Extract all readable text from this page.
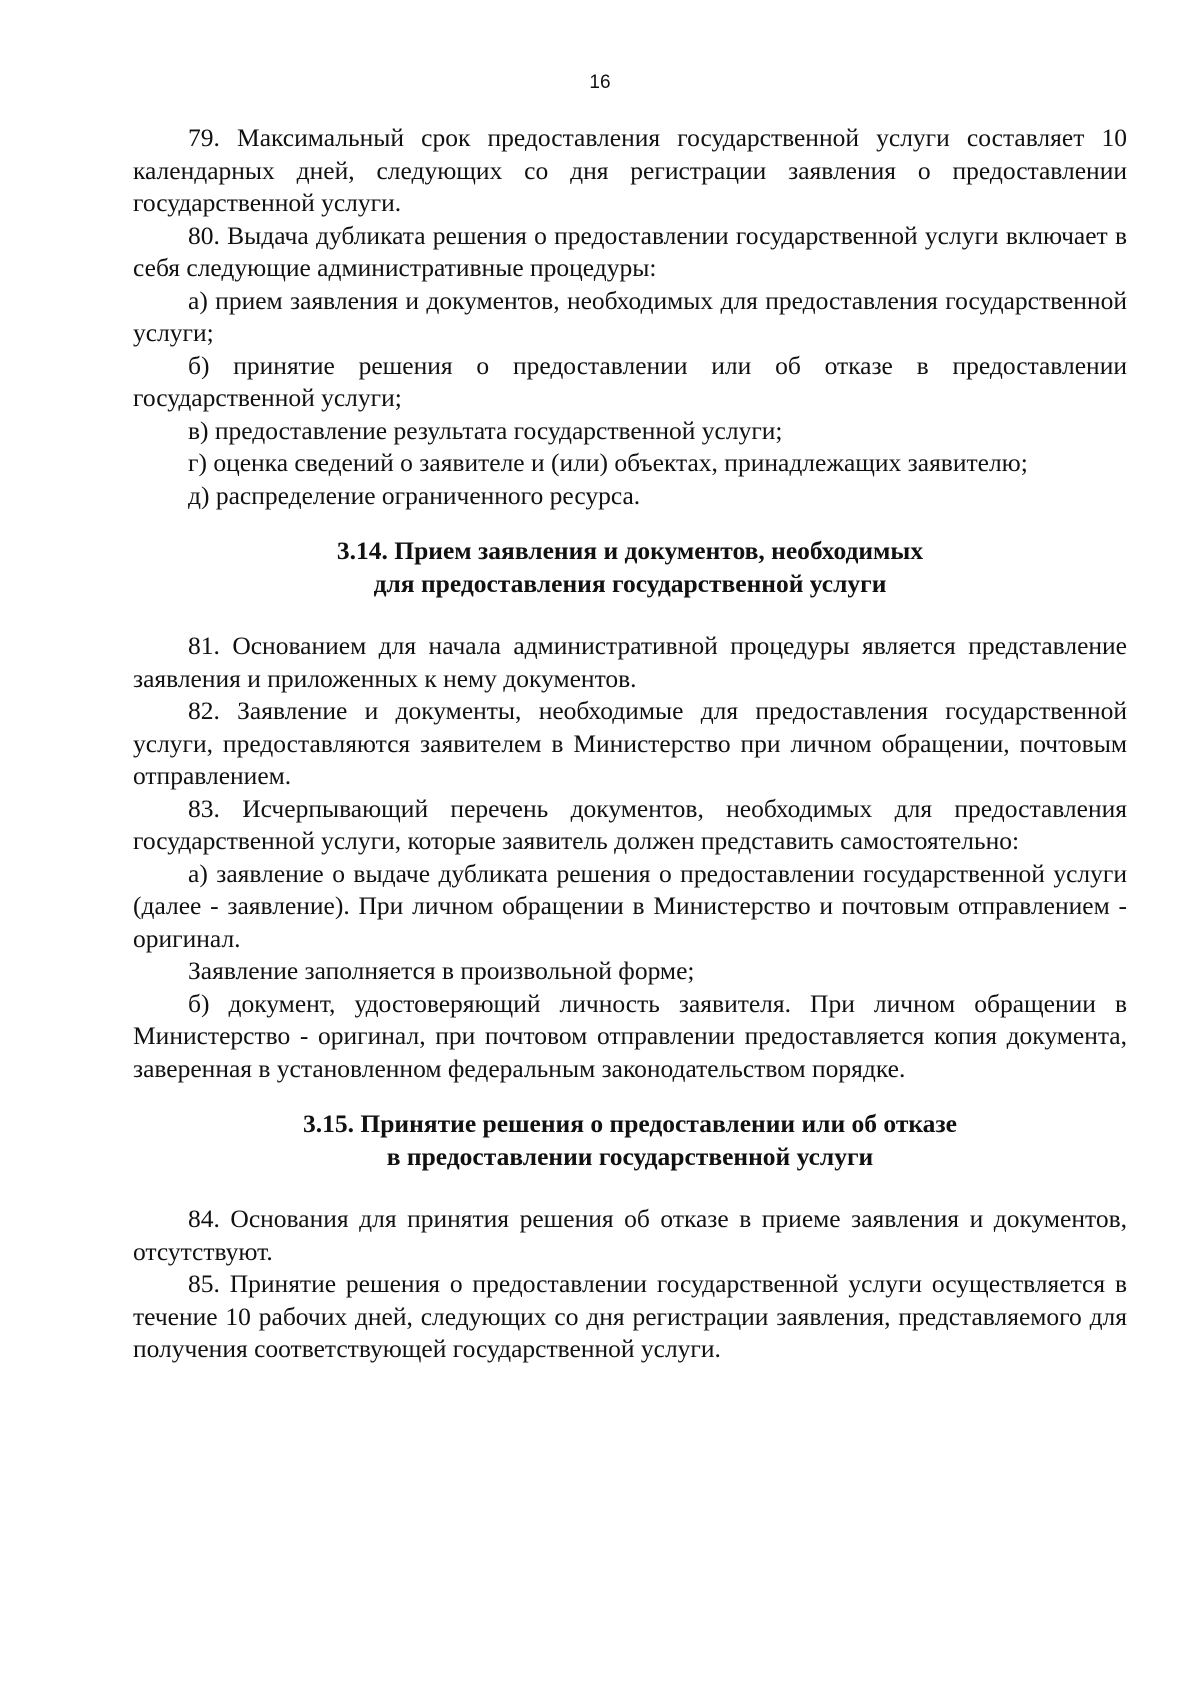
16

79. Максимальный срок предоставления государственной услуги составляет 10 календарных дней, следующих со дня регистрации заявления о предоставлении государственной услуги.

80. Выдача дубликата решения о предоставлении государственной услуги включает в себя следующие административные процедуры:

а) прием заявления и документов, необходимых для предоставления государственной услуги;

б) принятие решения о предоставлении или об отказе в предоставлении государственной услуги;

в) предоставление результата государственной услуги;

г) оценка сведений о заявителе и (или) объектах, принадлежащих заявителю;

д) распределение ограниченного ресурса.

3.14. Прием заявления и документов, необходимых
для предоставления государственной услуги

81. Основанием для начала административной процедуры является представление заявления и приложенных к нему документов.

82. Заявление и документы, необходимые для предоставления государственной услуги, предоставляются заявителем в Министерство при личном обращении, почтовым отправлением.

83. Исчерпывающий перечень документов, необходимых для предоставления государственной услуги, которые заявитель должен представить самостоятельно:

а) заявление о выдаче дубликата решения о предоставлении государственной услуги (далее - заявление). При личном обращении в Министерство и почтовым отправлением - оригинал.

Заявление заполняется в произвольной форме;

б) документ, удостоверяющий личность заявителя. При личном обращении в Министерство - оригинал, при почтовом отправлении предоставляется копия документа, заверенная в установленном федеральным законодательством порядке.

3.15. Принятие решения о предоставлении или об отказе
в предоставлении государственной услуги

84. Основания для принятия решения об отказе в приеме заявления и документов, отсутствуют.

85. Принятие решения о предоставлении государственной услуги осуществляется в течение 10 рабочих дней, следующих со дня регистрации заявления, представляемого для получения соответствующей государственной услуги.
